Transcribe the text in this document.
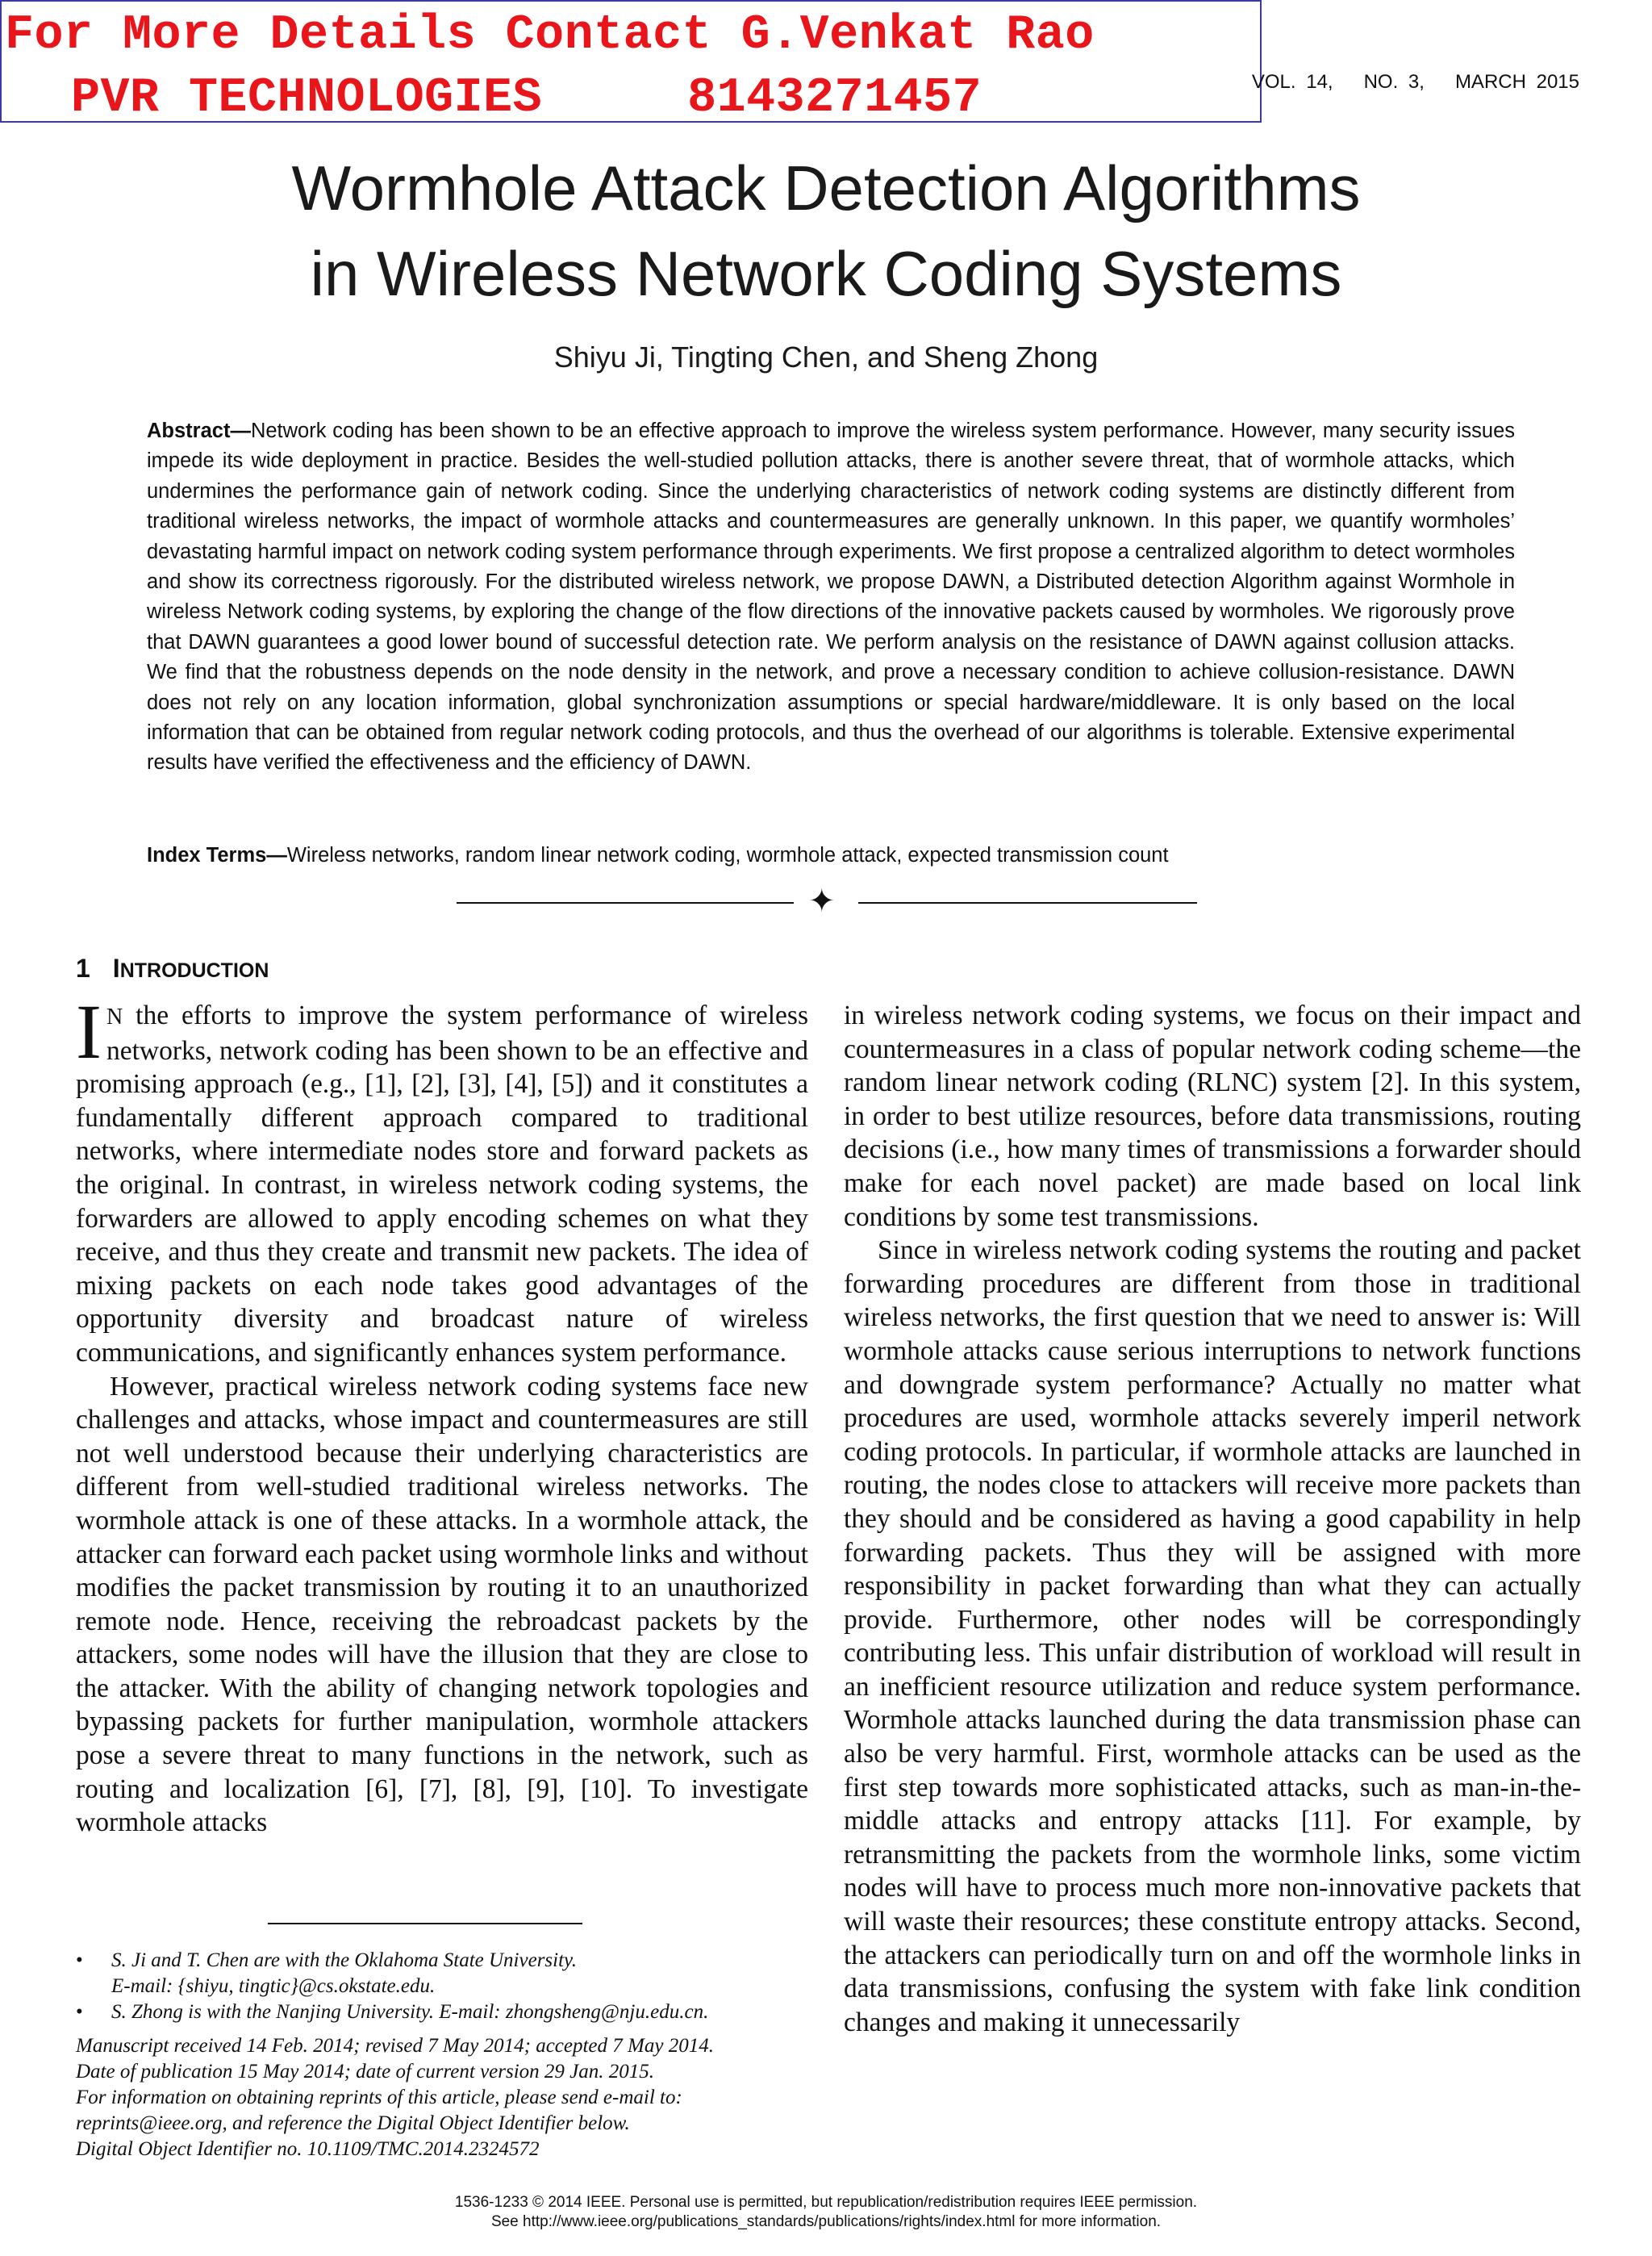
For More Details Contact G.Venkat Rao
PVR TECHNOLOGIES	8143271457	VOL. 14,   NO. 3,   MARCH 2015
Wormhole Attack Detection Algorithms
in Wireless Network Coding Systems
Shiyu Ji, Tingting Chen, and Sheng Zhong
Abstract—Network coding has been shown to be an effective approach to improve the wireless system performance. However, many security issues impede its wide deployment in practice. Besides the well-studied pollution attacks, there is another severe threat, that of wormhole attacks, which undermines the performance gain of network coding. Since the underlying characteristics of network coding systems are distinctly different from traditional wireless networks, the impact of wormhole attacks and countermeasures are generally unknown. In this paper, we quantify wormholes’ devastating harmful impact on network coding system performance through experiments. We first propose a centralized algorithm to detect wormholes and show its correctness rigorously. For the distributed wireless network, we propose DAWN, a Distributed detection Algorithm against Wormhole in wireless Network coding systems, by exploring the change of the flow directions of the innovative packets caused by wormholes. We rigorously prove that DAWN guarantees a good lower bound of successful detection rate. We perform analysis on the resistance of DAWN against collusion attacks. We find that the robustness depends on the node density in the network, and prove a necessary condition to achieve collusion-resistance. DAWN does not rely on any location information, global synchronization assumptions or special hardware/middleware. It is only based on the local information that can be obtained from regular network coding protocols, and thus the overhead of our algorithms is tolerable. Extensive experimental results have verified the effectiveness and the efficiency of DAWN.
Index Terms—Wireless networks, random linear network coding, wormhole attack, expected transmission count
✦
1 INTRODUCTION

I N the efforts to improve the system performance of wireless networks, network coding has been shown to be an effective and promising approach (e.g., [1], [2], [3], [4], [5]) and it constitutes a fundamentally different approach compared to traditional networks, where intermediate nodes store and forward packets as the original. In contrast, in wireless network coding systems, the forwarders are allowed to apply encoding schemes on what they receive, and thus they create and transmit new packets. The idea of mixing packets on each node takes good advantages of the opportunity diversity and broadcast nature of wireless communications, and significantly enhances system performance.

However, practical wireless network coding systems face new challenges and attacks, whose impact and countermeasures are still not well understood because their underlying characteristics are different from well-studied traditional wireless networks. The wormhole attack is one of these attacks. In a wormhole attack, the attacker can forward each packet using wormhole links and without modifies the packet transmission by routing it to an unauthorized remote node. Hence, receiving the rebroadcast packets by the attackers, some nodes will have the illusion that they are close to the attacker. With the ability of changing network topologies and bypassing packets for further manipulation, wormhole attackers pose a severe threat to many functions in the network, such as routing and localization [6], [7], [8], [9], [10]. To investigate wormhole attacks

in wireless network coding systems, we focus on their impact and countermeasures in a class of popular network coding scheme—the random linear network coding (RLNC) system [2]. In this system, in order to best utilize resources, before data transmissions, routing decisions (i.e., how many times of transmissions a forwarder should make for each novel packet) are made based on local link conditions by some test transmissions.

Since in wireless network coding systems the routing and packet forwarding procedures are different from those in traditional wireless networks, the first question that we need to answer is: Will wormhole attacks cause serious interruptions to network functions and downgrade system performance? Actually no matter what procedures are used, wormhole attacks severely imperil network coding protocols. In particular, if wormhole attacks are launched in routing, the nodes close to attackers will receive more packets than they should and be considered as having a good capability in help forwarding packets. Thus they will be assigned with more responsibility in packet forwarding than what they can actually provide. Furthermore, other nodes will be correspondingly contributing less. This unfair distribution of workload will result in an inefficient resource utilization and reduce system performance. Wormhole attacks launched during the data transmission phase can also be very harmful. First, wormhole attacks can be used as the first step towards more sophisticated attacks, such as man-in-the-middle attacks and entropy attacks [11]. For example, by retransmitting the packets from the wormhole links, some victim nodes will have to process much more non-innovative packets that will waste their resources; these constitute entropy attacks. Second, the attackers can periodically turn on and off the wormhole links in data transmissions, confusing the system with fake link condition changes and making it unnecessarily

• S. Ji and T. Chen are with the Oklahoma State University.
E-mail: {shiyu, tingtic}@cs.okstate.edu.
• S. Zhong is with the Nanjing University. E-mail: zhongsheng@nju.edu.cn.
Manuscript received 14 Feb. 2014; revised 7 May 2014; accepted 7 May 2014.
Date of publication 15 May 2014; date of current version 29 Jan. 2015.
For information on obtaining reprints of this article, please send e-mail to:
reprints@ieee.org, and reference the Digital Object Identifier below.
Digital Object Identifier no. 10.1109/TMC.2014.2324572
1536-1233 © 2014 IEEE. Personal use is permitted, but republication/redistribution requires IEEE permission.
See http://www.ieee.org/publications_standards/publications/rights/index.html for more information.
